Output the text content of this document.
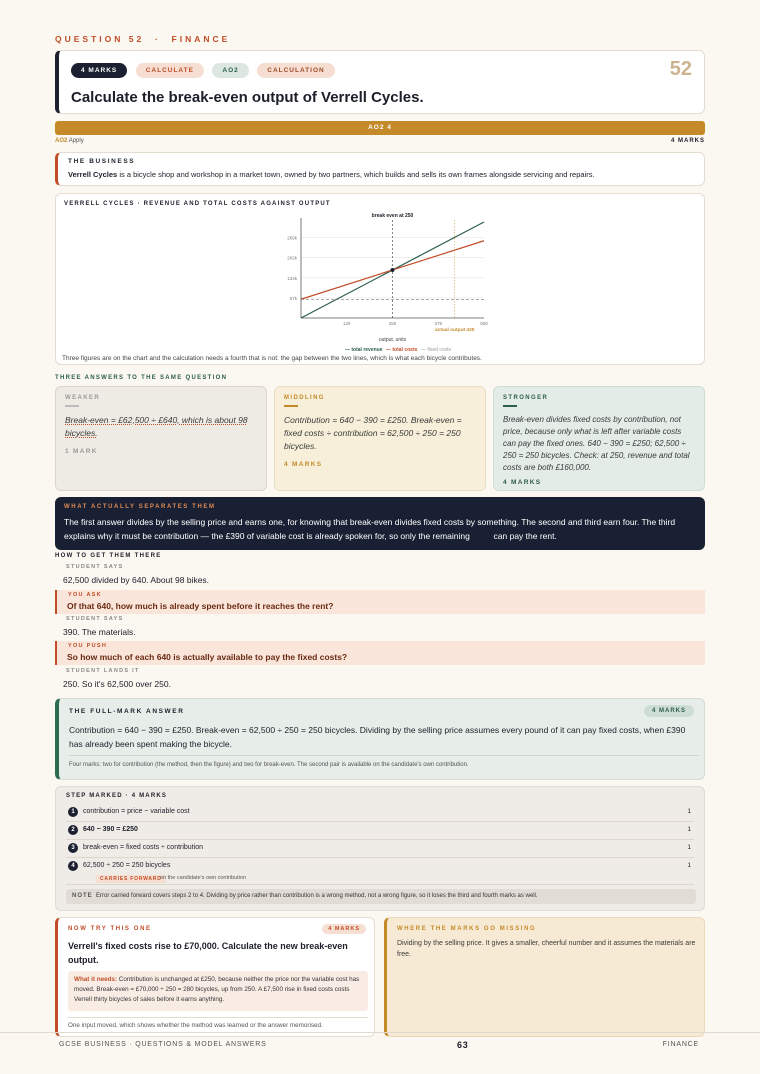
QUESTION 52 · FINANCE
4 MARKS	CALCULATE	AO2	CALCULATION	52
Calculate the break-even output of Verrell Cycles.
AO2 4
AO2 Apply	4 MARKS
THE BUSINESS
Verrell Cycles is a bicycle shop and workshop in a market town, owned by two partners, which builds and sells its own frames alongside servicing and repairs.
VERRELL CYCLES · REVENUE AND TOTAL COSTS AGAINST OUTPUT
67k
134k
202k
269k
125	250	375	500
break even at 250
actual output 420
output, units
— total revenue — total costs — fixed costs
Three figures are on the chart and the calculation needs a fourth that is not: the gap between the two lines, which is what each bicycle contributes.
THREE ANSWERS TO THE SAME QUESTION
WEAKER
Break-even = £62,500 ÷ £640, which is about 98 bicycles.
1 MARK
MIDDLING
Contribution = 640 − 390 = £250. Break-even = fixed costs ÷ contribution = 62,500 ÷ 250 = 250 bicycles.
4 MARKS
STRONGER
Break-even divides fixed costs by contribution, not price, because only what is left after variable costs can pay the fixed ones. 640 − 390 = £250; 62,500 ÷ 250 = 250 bicycles. Check: at 250, revenue and total costs are both £160,000.
4 MARKS
WHAT ACTUALLY SEPARATES THEM
The first answer divides by the selling price and earns one, for knowing that break-even divides fixed costs by something. The second and third earn four. The third explains why it must be contribution — the £390 of variable cost is already spoken for, so only the remaining £250 can pay the rent.
HOW TO GET THEM THERE
STUDENT SAYS
62,500 divided by 640. About 98 bikes.
YOU ASK
Of that 640, how much is already spent before it reaches the rent?
STUDENT SAYS
390. The materials.
YOU PUSH
So how much of each 640 is actually available to pay the fixed costs?
STUDENT LANDS IT
250. So it's 62,500 over 250.
THE FULL-MARK ANSWER	4 MARKS
Contribution = 640 − 390 = £250. Break-even = 62,500 ÷ 250 = 250 bicycles. Dividing by the selling price assumes every pound of it can pay fixed costs, when £390 has already been spent making the bicycle.
Four marks: two for contribution (the method, then the figure) and two for break-even. The second pair is available on the candidate's own contribution.
STEP MARKED · 4 MARKS
1	contribution = price − variable cost	1
2	640 − 390 = £250	1
3	break-even = fixed costs ÷ contribution	1
4	62,500 ÷ 250 = 250 bicycles	1
CARRIES FORWARD
on the candidate's own contribution
NOTE Error carried forward covers steps 2 to 4. Dividing by price rather than contribution is a wrong method, not a wrong figure, so it loses the third and fourth marks as well.
NOW TRY THIS ONE	4 MARKS
Verrell's fixed costs rise to £70,000. Calculate the new break-even output.
What it needs: Contribution is unchanged at £250, because neither the price nor the variable cost has moved. Break-even = £70,000 ÷ 250 = 280 bicycles, up from 250. A £7,500 rise in fixed costs costs Verrell thirty bicycles of sales before it earns anything.
One input moved, which shows whether the method was learned or the answer memorised.
WHERE THE MARKS GO MISSING
Dividing by the selling price. It gives a smaller, cheerful number and it assumes the materials are free.
GCSE BUSINESS · QUESTIONS & MODEL ANSWERS	63	FINANCE
